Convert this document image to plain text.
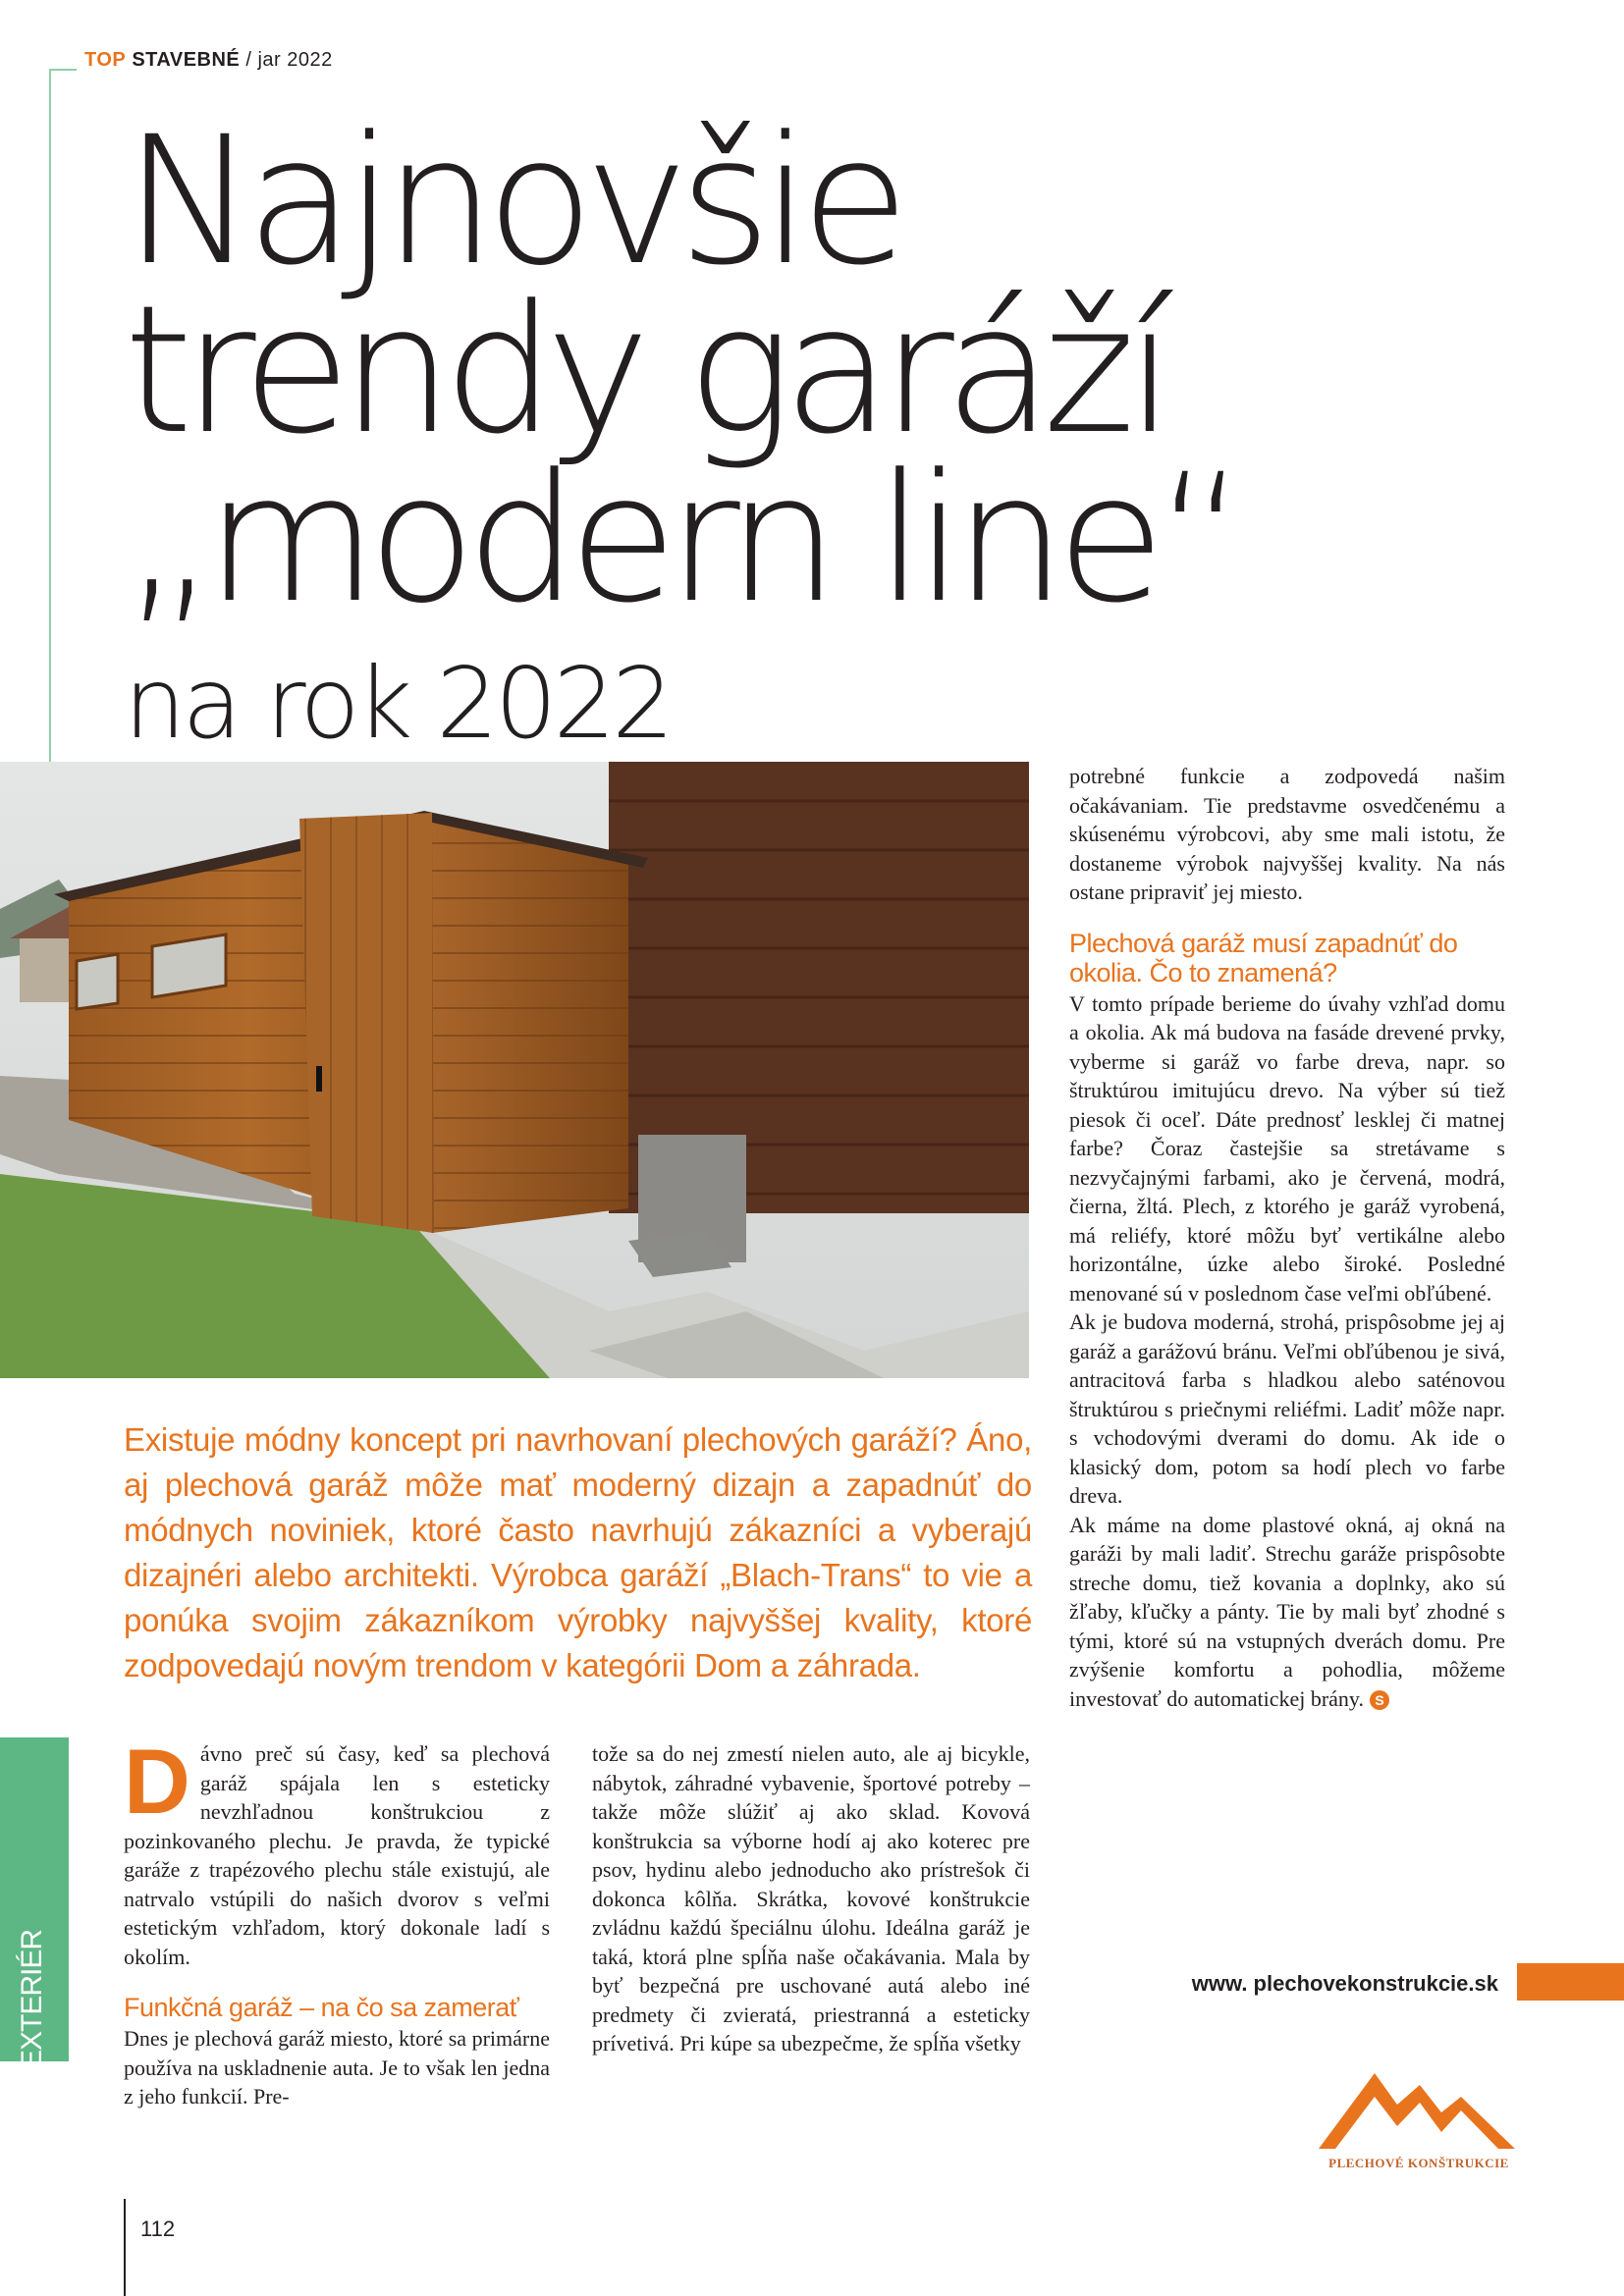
TOP STAVEBNÉ / jar 2022
Najnovšie
trendy garáží
„modern line“
na rok 2022

potrebné funkcie a zodpovedá našim očakávaniam. Tie predstavme osvedčenému a skúsenému výrobcovi, aby sme mali istotu, že dostaneme výrobok najvyššej kvality. Na nás ostane pripraviť jej miesto.

Plechová garáž musí zapadnúť do okolia. Čo to znamená?

V tomto prípade berieme do úvahy vzhľad domu a okolia. Ak má budova na fasáde drevené prvky, vyberme si garáž vo farbe dreva, napr. so štruktúrou imitujúcu drevo. Na výber sú tiež piesok či oceľ. Dáte prednosť lesklej či matnej farbe? Čoraz častejšie sa stretávame s nezvyčajnými farbami, ako je červená, modrá, čierna, žltá. Plech, z ktorého je garáž vyrobená, má reliéfy, ktoré môžu byť vertikálne alebo horizontálne, úzke alebo široké. Posledné menované sú v poslednom čase veľmi obľúbené.

Ak je budova moderná, strohá, prispôsobme jej aj garáž a garážovú bránu. Veľmi obľúbenou je sivá, antracitová farba s hladkou alebo saténovou štruktúrou s priečnymi reliéfmi. Ladiť môže napr. s vchodovými dverami do domu. Ak ide o klasický dom, potom sa hodí plech vo farbe dreva.

Ak máme na dome plastové okná, aj okná na garáži by mali ladiť. Strechu garáže prispôsobte streche domu, tiež kovania a doplnky, ako sú žľaby, kľučky a pánty. Tie by mali byť zhodné s tými, ktoré sú na vstupných dverách domu. Pre zvýšenie komfortu a pohodlia, môžeme investovať do automatickej brány. S

Existuje módny koncept pri navrhovaní plechových garáží? Áno, aj plechová garáž môže mať moderný dizajn a zapadnúť do módnych noviniek, ktoré často navrhujú zákazníci a vyberajú dizajnéri alebo architekti. Výrobca garáží „Blach-Trans“ to vie a ponúka svojim zákazníkom výrobky najvyššej kvality, ktoré zodpovedajú novým trendom v kategórii Dom a záhrada.

Dávno preč sú časy, keď sa plechová garáž spájala len s esteticky nevzhľadnou konštrukciou z pozinkovaného plechu. Je pravda, že typické garáže z trapézového plechu stále existujú, ale natrvalo vstúpili do našich dvorov s veľmi estetickým vzhľadom, ktorý dokonale ladí s okolím.

Funkčná garáž – na čo sa zamerať

Dnes je plechová garáž miesto, ktoré sa primárne používa na uskladnenie auta. Je to však len jedna z jeho funkcií. Pre-

tože sa do nej zmestí nielen auto, ale aj bicykle, nábytok, záhradné vybavenie, športové potreby – takže môže slúžiť aj ako sklad. Kovová konštrukcia sa výborne hodí aj ako koterec pre psov, hydinu alebo jednoducho ako prístrešok či dokonca kôlňa. Skrátka, kovové konštrukcie zvládnu každú špeciálnu úlohu. Ideálna garáž je taká, ktorá plne spĺňa naše očakávania. Mala by byť bezpečná pre uschované autá alebo iné predmety či zvieratá, priestranná a esteticky prívetivá. Pri kúpe sa ubezpečme, že spĺňa všetky

EXTERIÉR	www. plechovekonstrukcie.sk
PLECHOVÉ KONŠTRUKCIE
112
